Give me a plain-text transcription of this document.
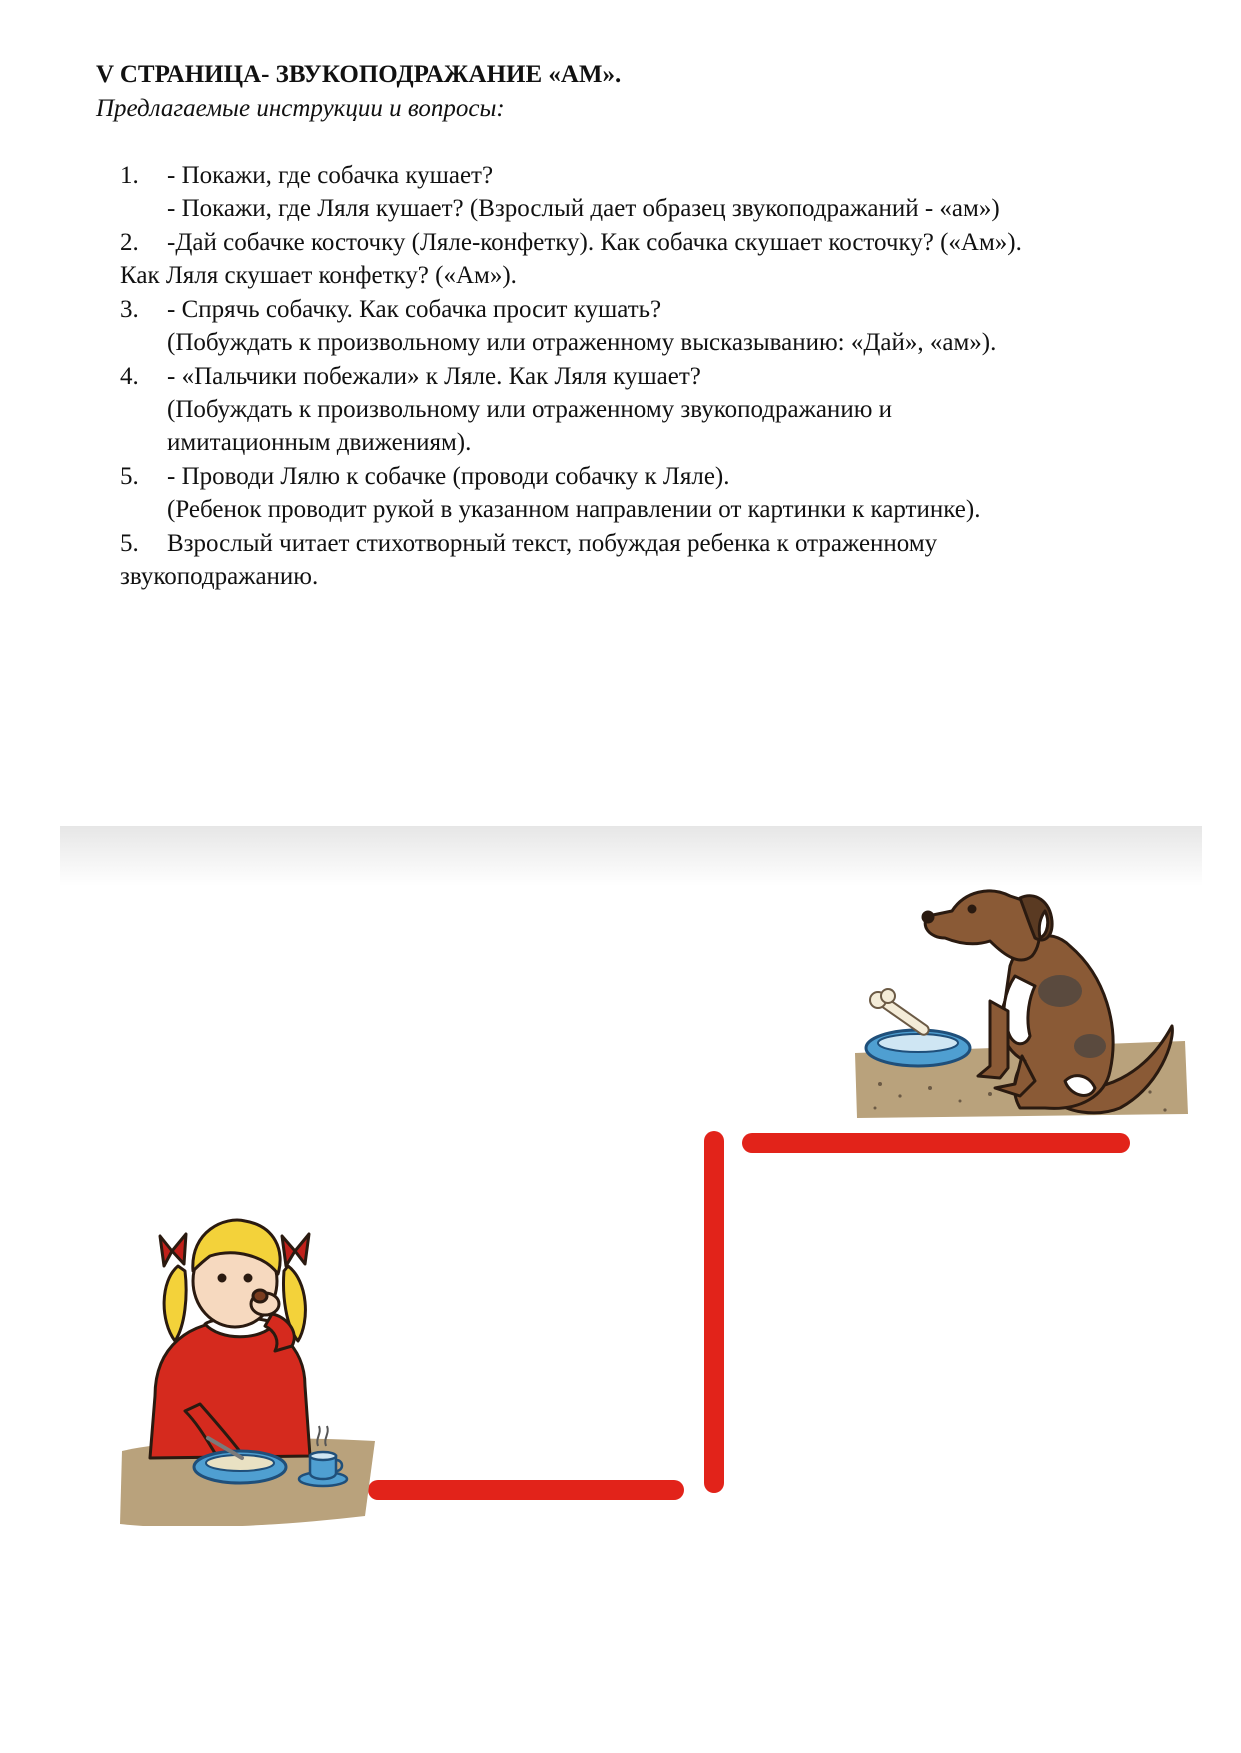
V СТРАНИЦА- ЗВУКОПОДРАЖАНИЕ «АМ».
Предлагаемые инструкции и вопросы:
1. - Покажи, где собачка кушает?
- Покажи, где Ляля кушает? (Взрослый дает образец звукоподражаний - «ам»)
2. -Дай собачке косточку (Ляле-конфетку). Как собачка скушает косточку? («Ам»).
Как Ляля скушает конфетку? («Ам»).
3. - Спрячь собачку. Как собачка просит кушать?
(Побуждать к произвольному или отраженному высказыванию: «Дай», «ам»).
4. - «Пальчики побежали» к Ляле. Как Ляля кушает?
(Побуждать к произвольному или отраженному звукоподражанию и
имитационным движениям).
5. - Проводи Лялю к собачке (проводи собачку к Ляле).
(Ребенок проводит рукой в указанном направлении от картинки к картинке).
5. Взрослый читает стихотворный текст, побуждая ребенка к отраженному
звукоподражанию.
